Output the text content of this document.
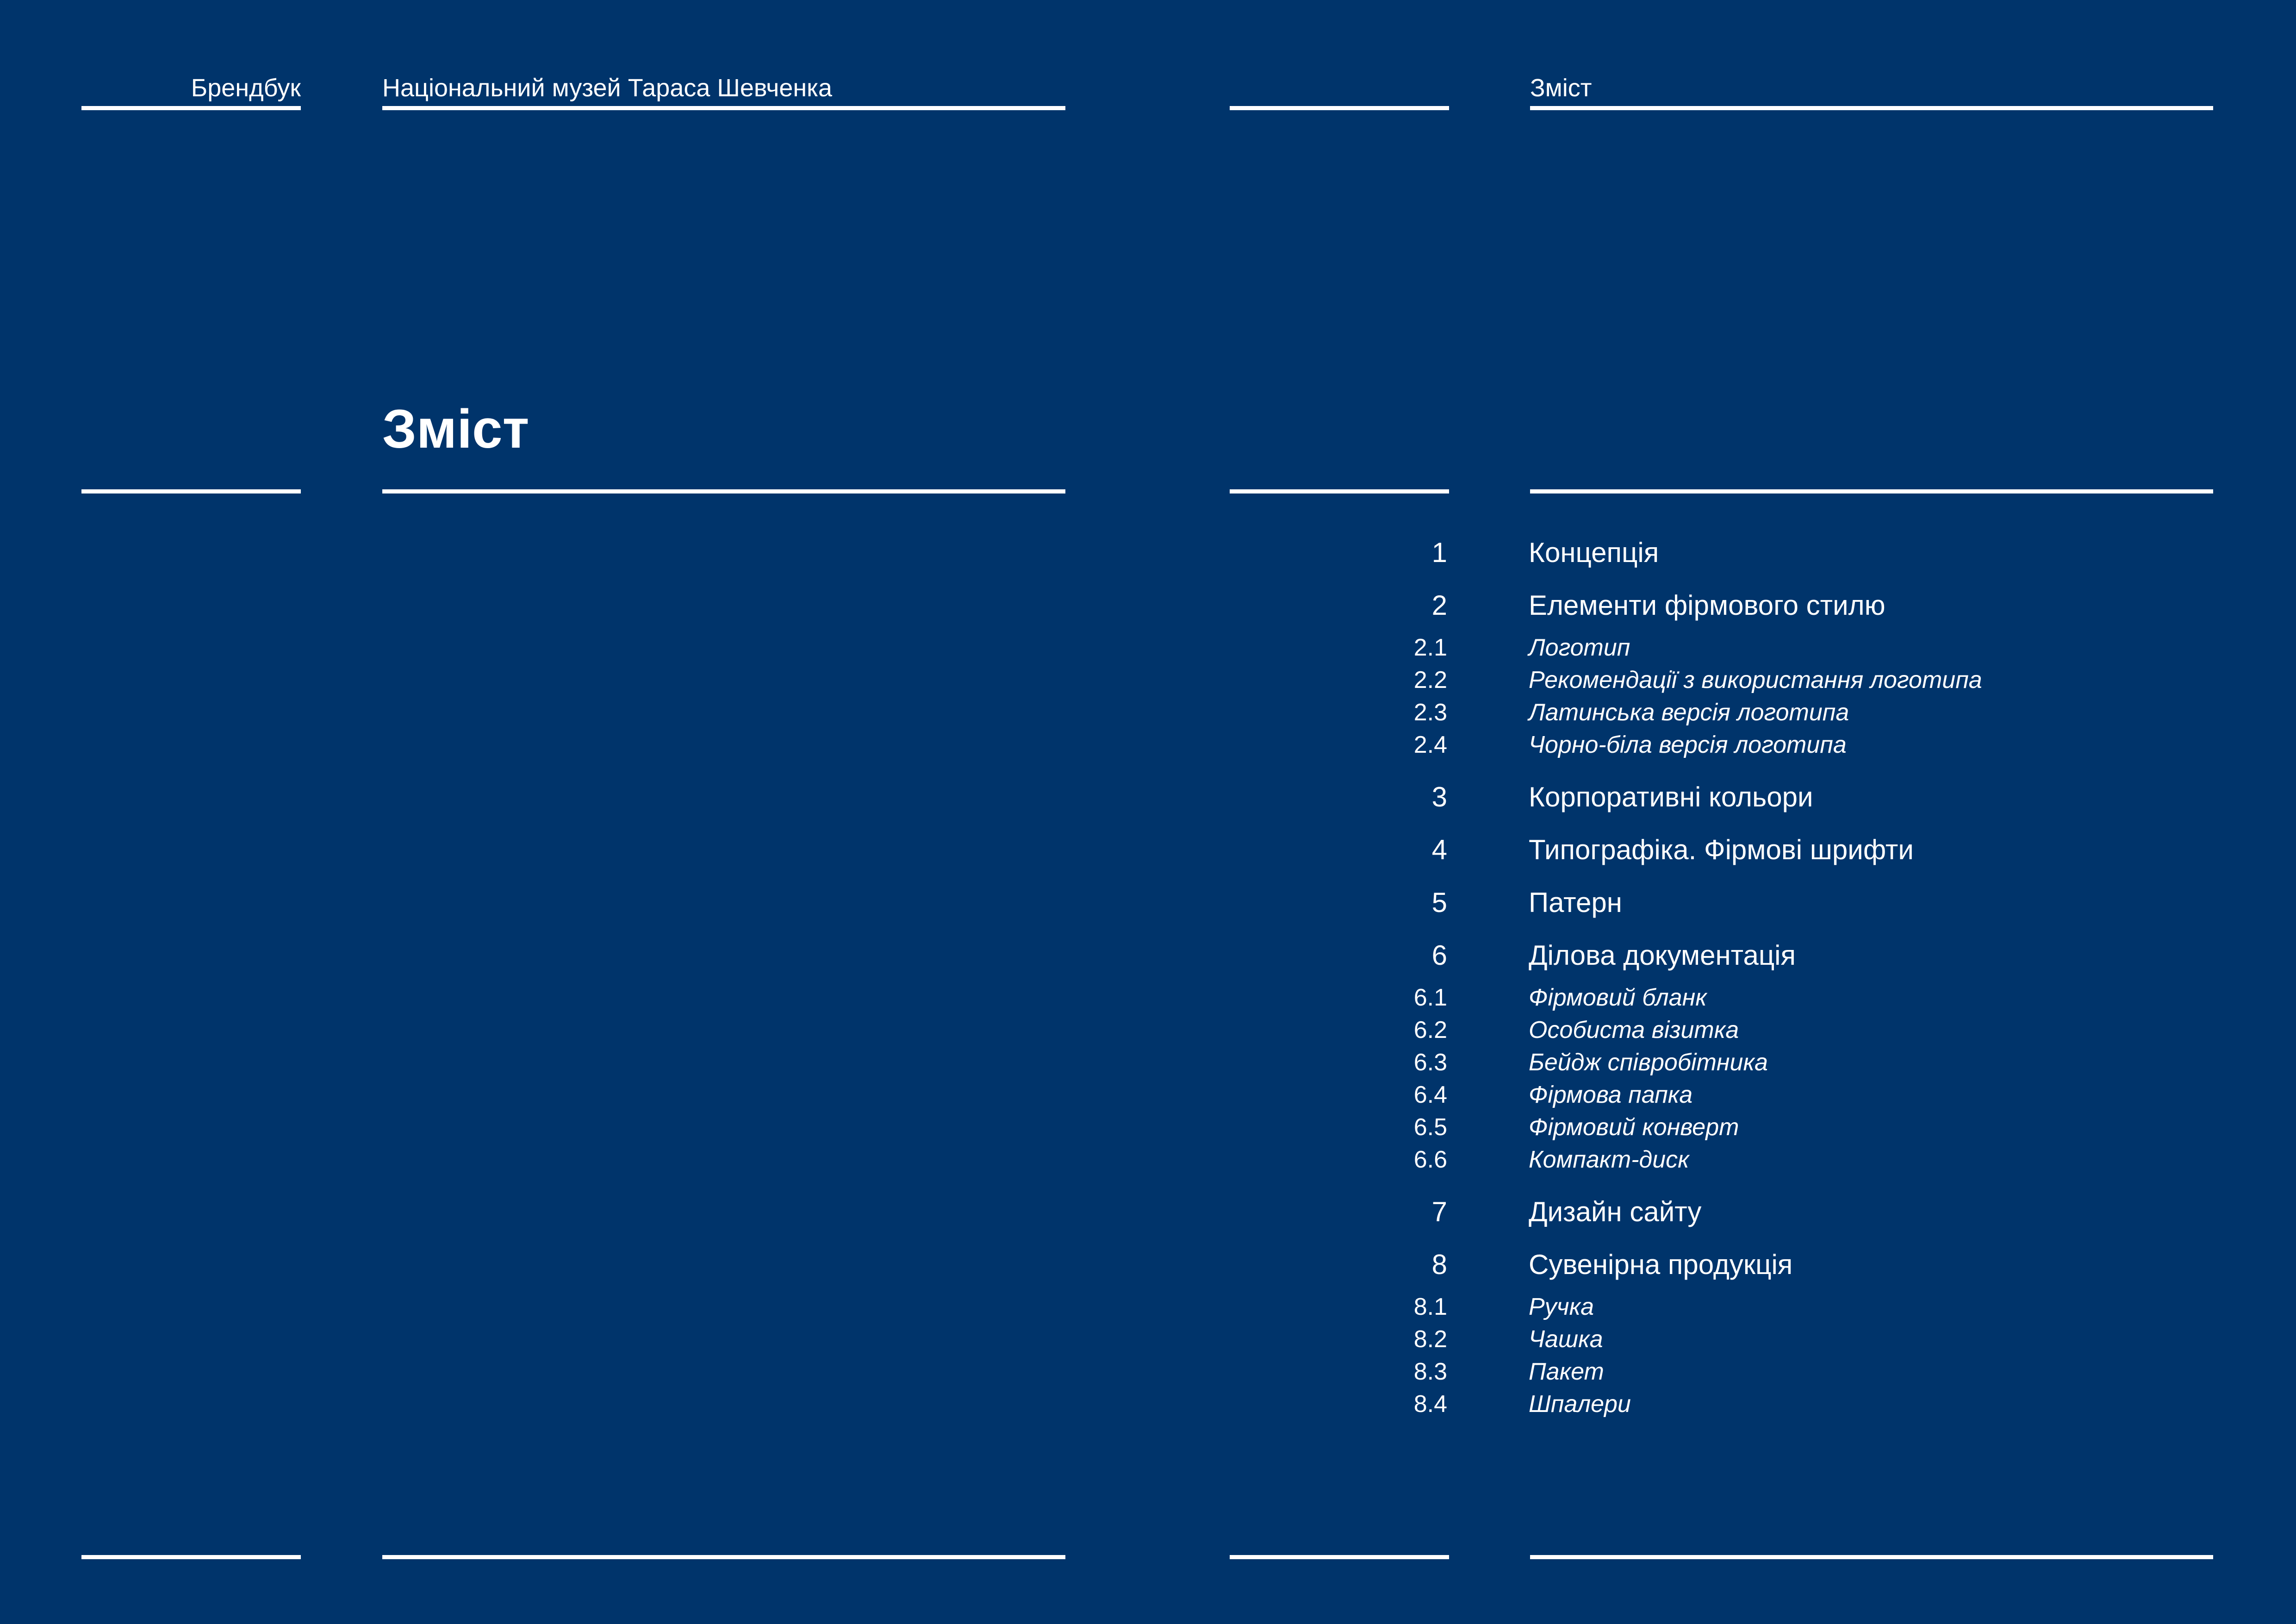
Брендбук	Національний музей Тараса Шевченка
Зміст
Зміст
1	Концепція
2	Елементи фірмового стилю
2.1	Логотип
2.2	Рекомендації з використання логотипа
2.3	Латинська версія логотипа
2.4	Чорно-біла версія логотипа
3	Корпоративні кольори
4	Типографіка. Фірмові шрифти
5	Патерн
6	Ділова документація
6.1	Фірмовий бланк
6.2	Особиста візитка
6.3	Бейдж співробітника
6.4	Фірмова папка
6.5	Фірмовий конверт
6.6	Компакт-диск
7	Дизайн сайту
8	Сувенірна продукція
8.1	Ручка
8.2	Чашка
8.3	Пакет
8.4	Шпалери
